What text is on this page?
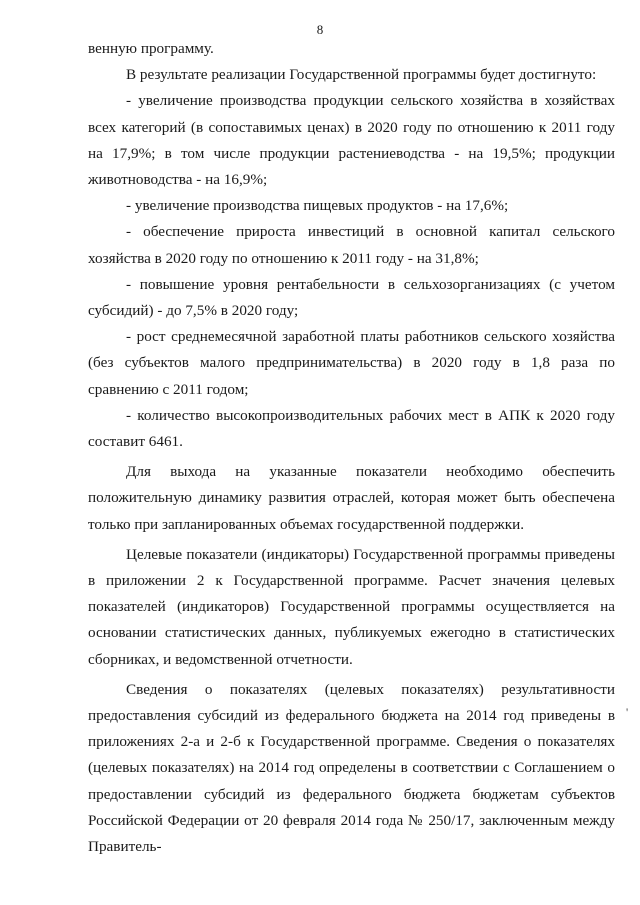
8

венную программу.

В результате реализации Государственной программы будет достигнуто:

- увеличение производства продукции сельского хозяйства в хозяйствах всех категорий (в сопоставимых ценах) в 2020 году по отношению к 2011 году на 17,9%; в том числе продукции растениеводства - на 19,5%; продукции животноводства - на 16,9%;

- увеличение производства пищевых продуктов - на 17,6%;

- обеспечение прироста инвестиций в основной капитал сельского хозяйства в 2020 году по отношению к 2011 году - на 31,8%;

- повышение уровня рентабельности в сельхозорганизациях (с учетом субсидий) - до 7,5% в 2020 году;

- рост среднемесячной заработной платы работников сельского хозяйства (без субъектов малого предпринимательства) в 2020 году в 1,8 раза по сравнению с 2011 годом;

- количество высокопроизводительных рабочих мест в АПК к 2020 году составит 6461.

Для выхода на указанные показатели необходимо обеспечить положительную динамику развития отраслей, которая может быть обеспечена только при запланированных объемах государственной поддержки.

Целевые показатели (индикаторы) Государственной программы приведены в приложении 2 к Государственной программе. Расчет значения целевых показателей (индикаторов) Государственной программы осуществляется на основании статистических данных, публикуемых ежегодно в статистических сборниках, и ведомственной отчетности.

Сведения о показателях (целевых показателях) результативности предоставления субсидий из федерального бюджета на 2014 год приведены в приложениях 2-а и 2-б к Государственной программе. Сведения о показателях (целевых показателях) на 2014 год определены в соответствии с Соглашением о предоставлении субсидий из федерального бюджета бюджетам субъектов Российской Федерации от 20 февраля 2014 года № 250/17, заключенным между Правитель-

'
